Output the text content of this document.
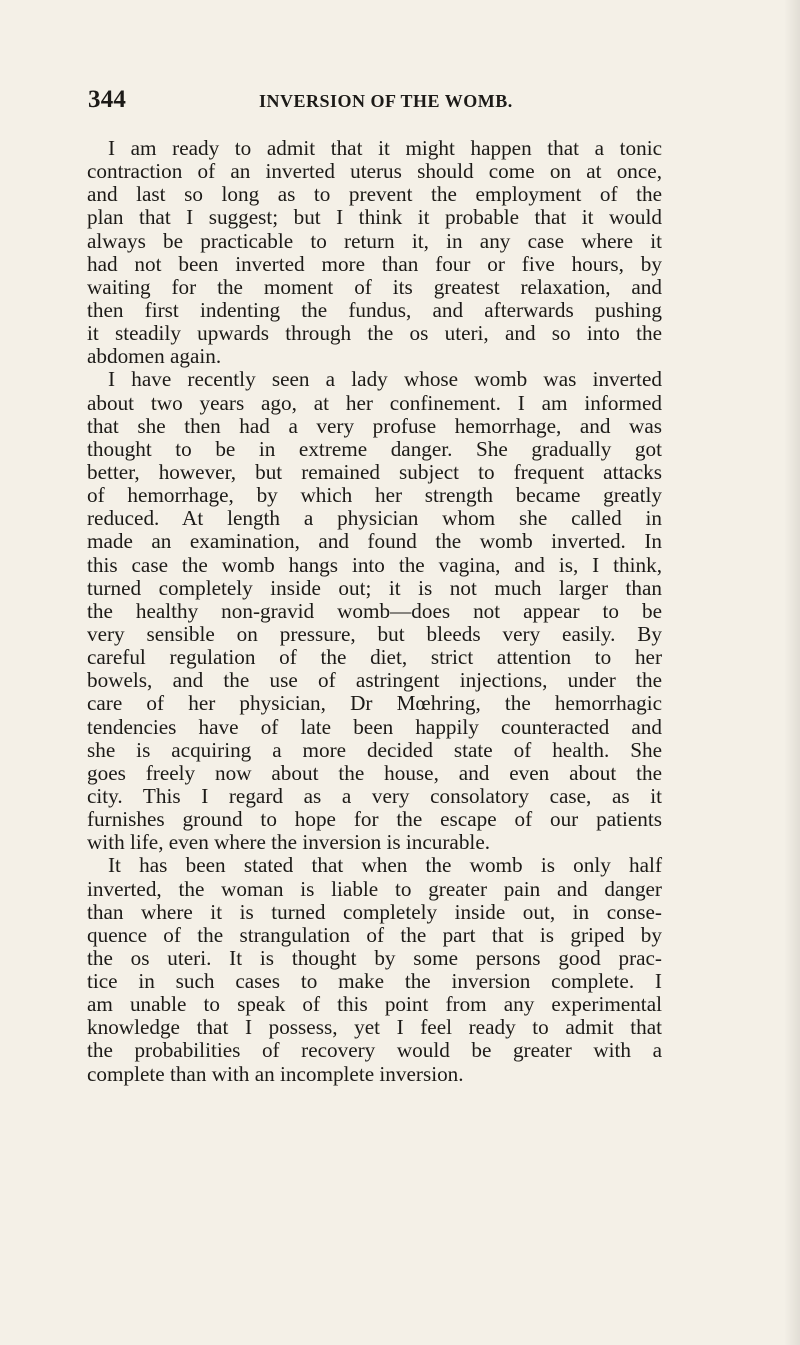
344	INVERSION OF THE WOMB.
I am ready to admit that it might happen that a tonic
contraction of an inverted uterus should come on at once,
and last so long as to prevent the employment of the
plan that I suggest; but I think it probable that it would
always be practicable to return it, in any case where it
had not been inverted more than four or five hours, by
waiting for the moment of its greatest relaxation, and
then first indenting the fundus, and afterwards pushing
it steadily upwards through the os uteri, and so into the
abdomen again.
I have recently seen a lady whose womb was inverted
about two years ago, at her confinement. I am informed
that she then had a very profuse hemorrhage, and was
thought to be in extreme danger. She gradually got
better, however, but remained subject to frequent attacks
of hemorrhage, by which her strength became greatly
reduced. At length a physician whom she called in
made an examination, and found the womb inverted. In
this case the womb hangs into the vagina, and is, I think,
turned completely inside out; it is not much larger than
the healthy non-gravid womb—does not appear to be
very sensible on pressure, but bleeds very easily. By
careful regulation of the diet, strict attention to her
bowels, and the use of astringent injections, under the
care of her physician, Dr Mœhring, the hemorrhagic
tendencies have of late been happily counteracted and
she is acquiring a more decided state of health. She
goes freely now about the house, and even about the
city. This I regard as a very consolatory case, as it
furnishes ground to hope for the escape of our patients
with life, even where the inversion is incurable.
It has been stated that when the womb is only half
inverted, the woman is liable to greater pain and danger
than where it is turned completely inside out, in conse-
quence of the strangulation of the part that is griped by
the os uteri. It is thought by some persons good prac-
tice in such cases to make the inversion complete. I
am unable to speak of this point from any experimental
knowledge that I possess, yet I feel ready to admit that
the probabilities of recovery would be greater with a
complete than with an incomplete inversion.
